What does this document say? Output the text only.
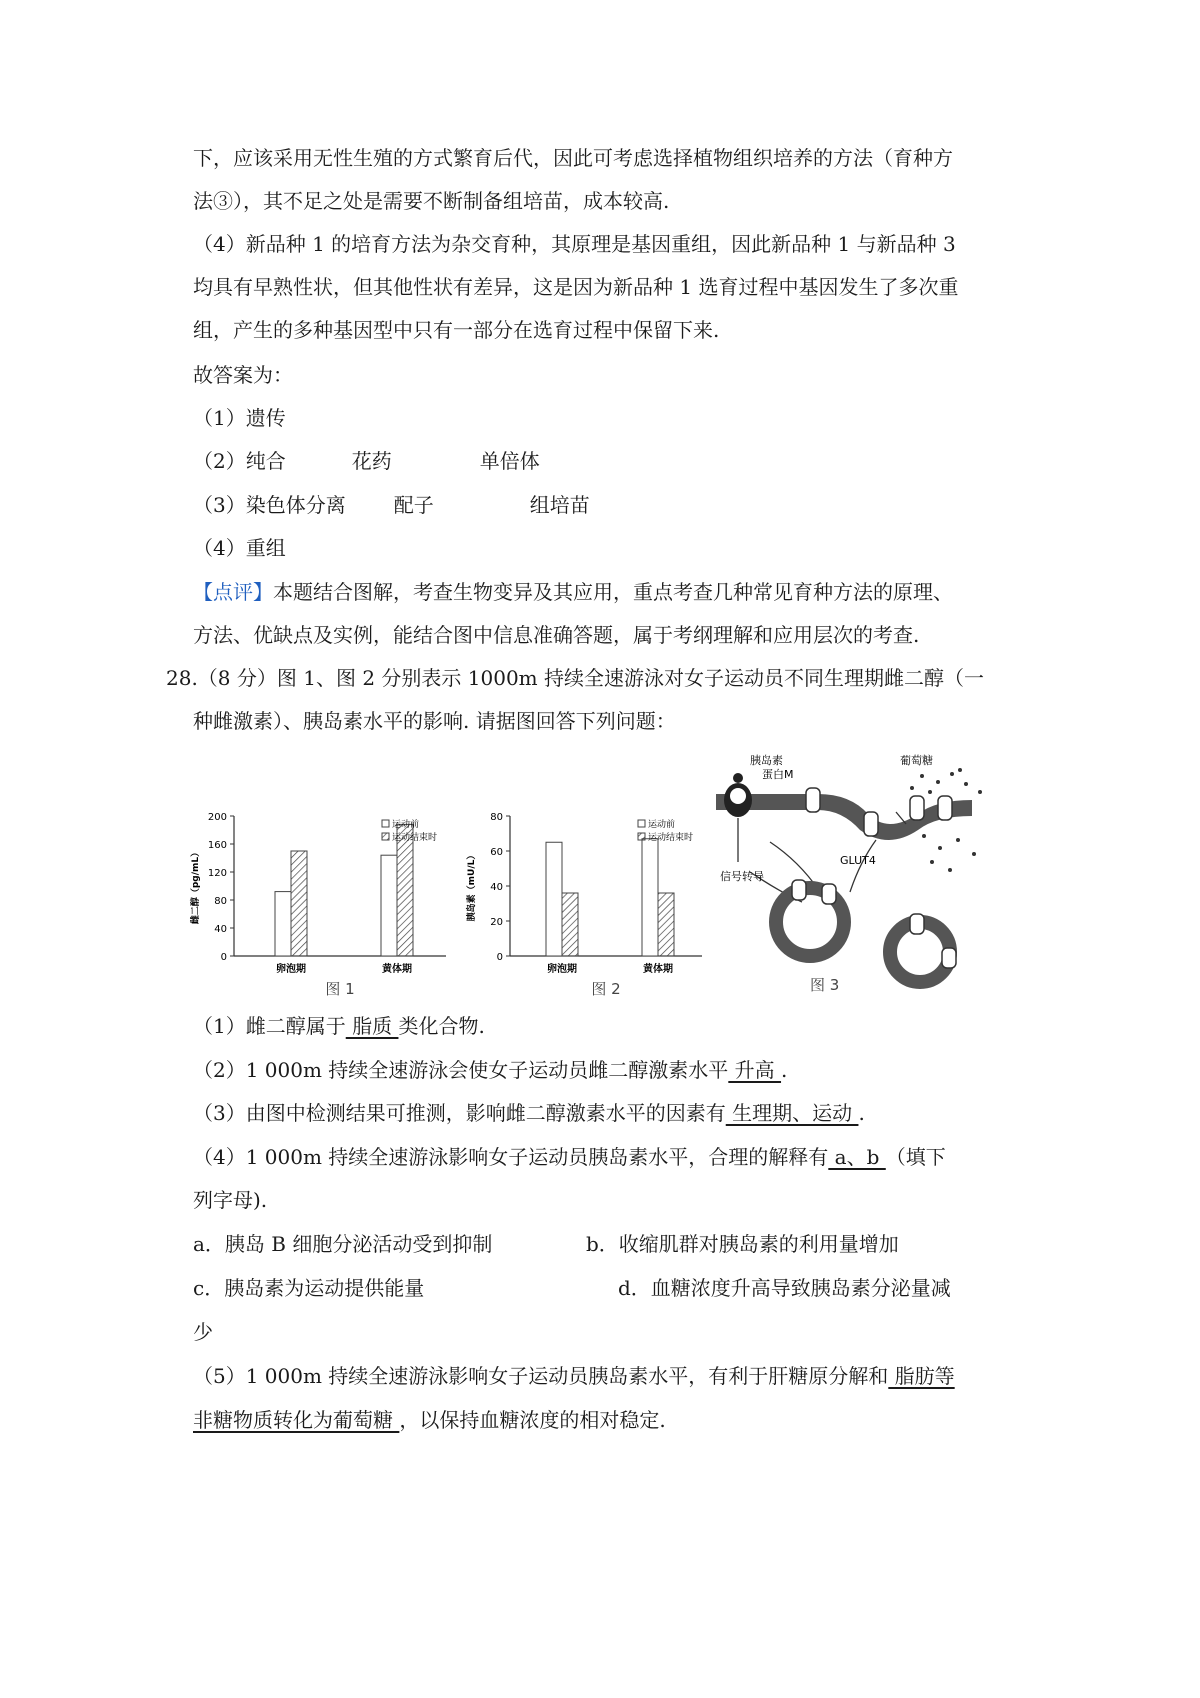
下，应该采用无性生殖的方式繁育后代，因此可考虑选择植物组织培养的方法（育种方
法③），其不足之处是需要不断制备组培苗，成本较高.
（4）新品种 1 的培育方法为杂交育种，其原理是基因重组，因此新品种 1 与新品种 3
均具有早熟性状，但其他性状有差异，这是因为新品种 1 选育过程中基因发生了多次重
组，产生的多种基因型中只有一部分在选育过程中保留下来.
故答案为：
（1）遗传
（2）纯合	花药	单倍体
（3）染色体分离 配子	组培苗
（4）重组
【点评】本题结合图解，考查生物变异及其应用，重点考查几种常见育种方法的原理、
方法、优缺点及实例，能结合图中信息准确答题，属于考纲理解和应用层次的考查.
28.（8 分）图 1、图 2 分别表示 1000m 持续全速游泳对女子运动员不同生理期雌二醇（一
种雌激素）、胰岛素水平的影响. 请据图回答下列问题：
0
40
80
120
160
200
雌二醇（pg/mL）
卵泡期	黄体期
运动前
运动结束时
图 1
0
20
40
60
80
胰岛素（mU/L）
卵泡期	黄体期
运动前
运动结束时
图 2
胰岛素
蛋白M
葡萄糖
信号转导
GLUT4
图 3
（1）雌二醇属于 脂质 类化合物.
（2）1 000m 持续全速游泳会使女子运动员雌二醇激素水平 升高 .
（3）由图中检测结果可推测，影响雌二醇激素水平的因素有 生理期、运动 .
（4）1 000m 持续全速游泳影响女子运动员胰岛素水平，合理的解释有 a、b （填下
列字母).
a．胰岛 B 细胞分泌活动受到抑制	b．收缩肌群对胰岛素的利用量增加
c．胰岛素为运动提供能量	d．血糖浓度升高导致胰岛素分泌量减
少
（5）1 000m 持续全速游泳影响女子运动员胰岛素水平，有利于肝糖原分解和 脂肪等
非糖物质转化为葡萄糖 ，以保持血糖浓度的相对稳定.
